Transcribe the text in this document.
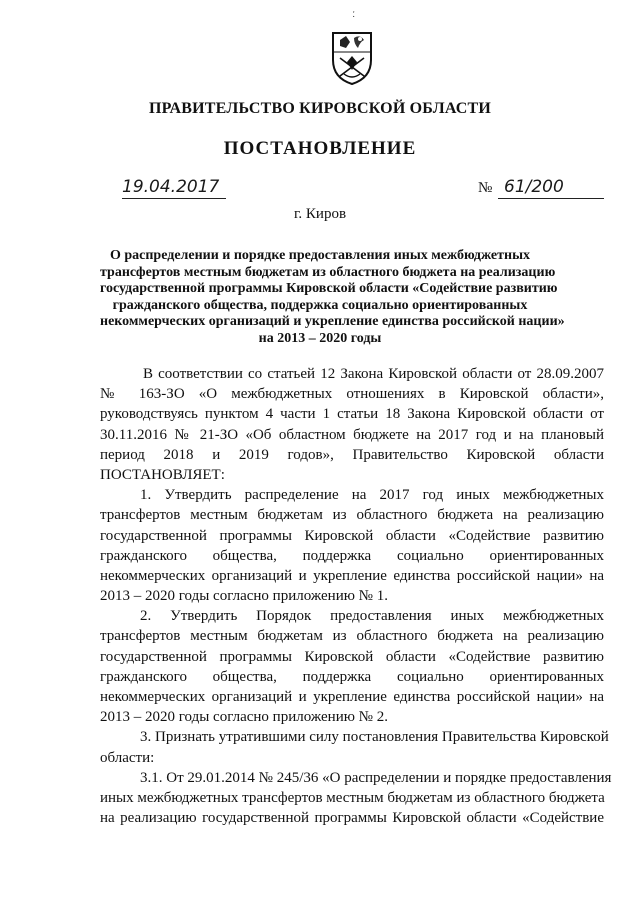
ː
ПРАВИТЕЛЬСТВО КИРОВСКОЙ ОБЛАСТИ
ПОСТАНОВЛЕНИЕ
19.04.2017	№ 61/200
г. Киров
О распределении и порядке предоставления иных межбюджетных
трансфертов местным бюджетам из областного бюджета на реализацию
государственной программы Кировской области «Содействие развитию
гражданского общества, поддержка социально ориентированных
некоммерческих организаций и укрепление единства российской нации»
на 2013 – 2020 годы
В соответствии со статьей 12 Закона Кировской области от 28.09.2007
№ 163-ЗО «О межбюджетных отношениях в Кировской области»,
руководствуясь пунктом 4 части 1 статьи 18 Закона Кировской области от
30.11.2016 № 21-ЗО «Об областном бюджете на 2017 год и на плановый
период 2018 и 2019 годов», Правительство Кировской области
ПОСТАНОВЛЯЕТ:
1. Утвердить распределение на 2017 год иных межбюджетных
трансфертов местным бюджетам из областного бюджета на реализацию
государственной программы Кировской области «Содействие развитию
гражданского общества, поддержка социально ориентированных
некоммерческих организаций и укрепление единства российской нации» на
2013 – 2020 годы согласно приложению № 1.
2. Утвердить Порядок предоставления иных межбюджетных
трансфертов местным бюджетам из областного бюджета на реализацию
государственной программы Кировской области «Содействие развитию
гражданского общества, поддержка социально ориентированных
некоммерческих организаций и укрепление единства российской нации» на
2013 – 2020 годы согласно приложению № 2.
3. Признать утратившими силу постановления Правительства Кировской
области:
3.1. От 29.01.2014 № 245/36 «О распределении и порядке предоставления
иных межбюджетных трансфертов местным бюджетам из областного бюджета
на реализацию государственной программы Кировской области «Содействие
